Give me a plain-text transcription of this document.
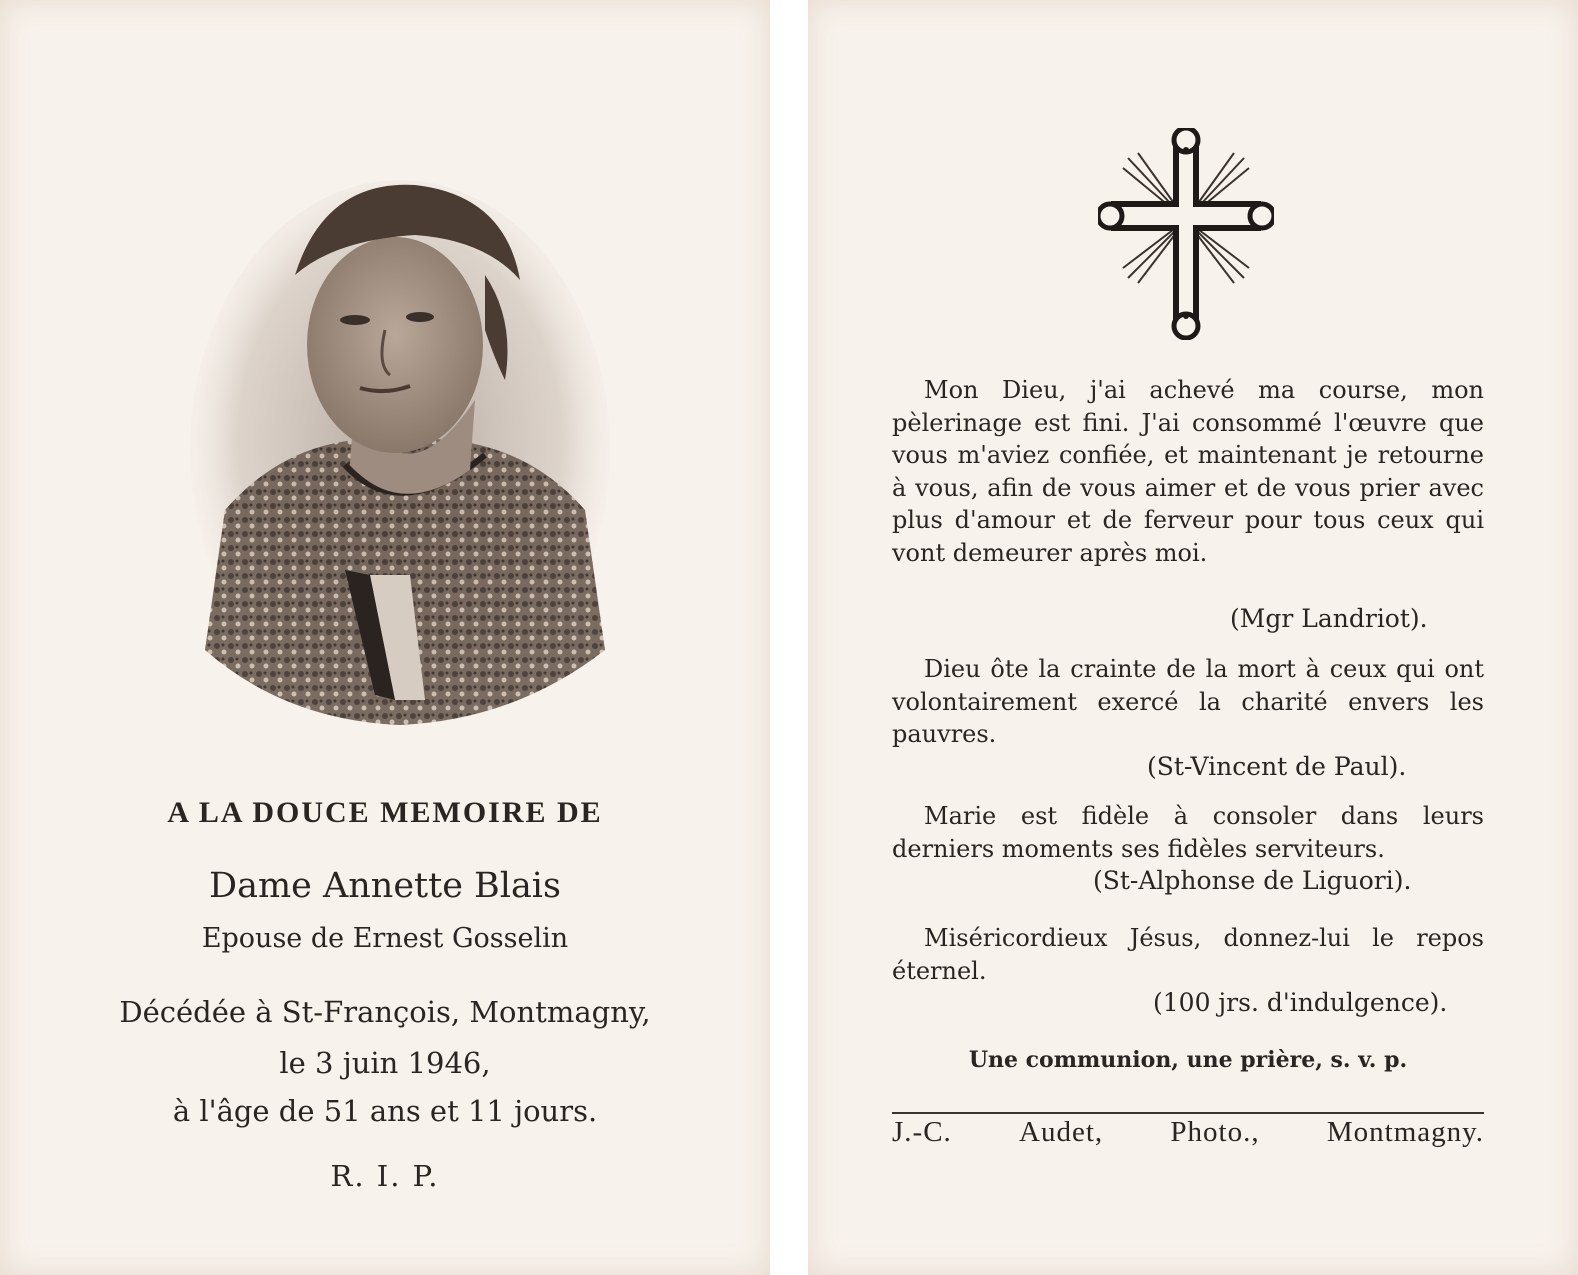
A LA DOUCE MEMOIRE DE
Dame Annette Blais
Epouse de Ernest Gosselin
Décédée à St-François, Montmagny,
le 3 juin 1946,
à l'âge de 51 ans et 11 jours.
R. I. P.

Mon Dieu, j'ai achevé ma course, mon pèlerinage est fini. J'ai consommé l'œuvre que vous m'aviez confiée, et maintenant je retourne à vous, afin de vous aimer et de vous prier avec plus d'amour et de ferveur pour tous ceux qui vont demeurer après moi.

(Mgr Landriot).

Dieu ôte la crainte de la mort à ceux qui ont volontairement exercé la charité envers les pauvres.

(St-Vincent de Paul).

Marie est fidèle à consoler dans leurs derniers moments ses fidèles serviteurs.

(St-Alphonse de Liguori).

Miséricordieux Jésus, donnez-lui le repos éternel.

(100 jrs. d'indulgence).
Une communion, une prière, s. v. p.
J.-C. Audet, Photo., Montmagny.
